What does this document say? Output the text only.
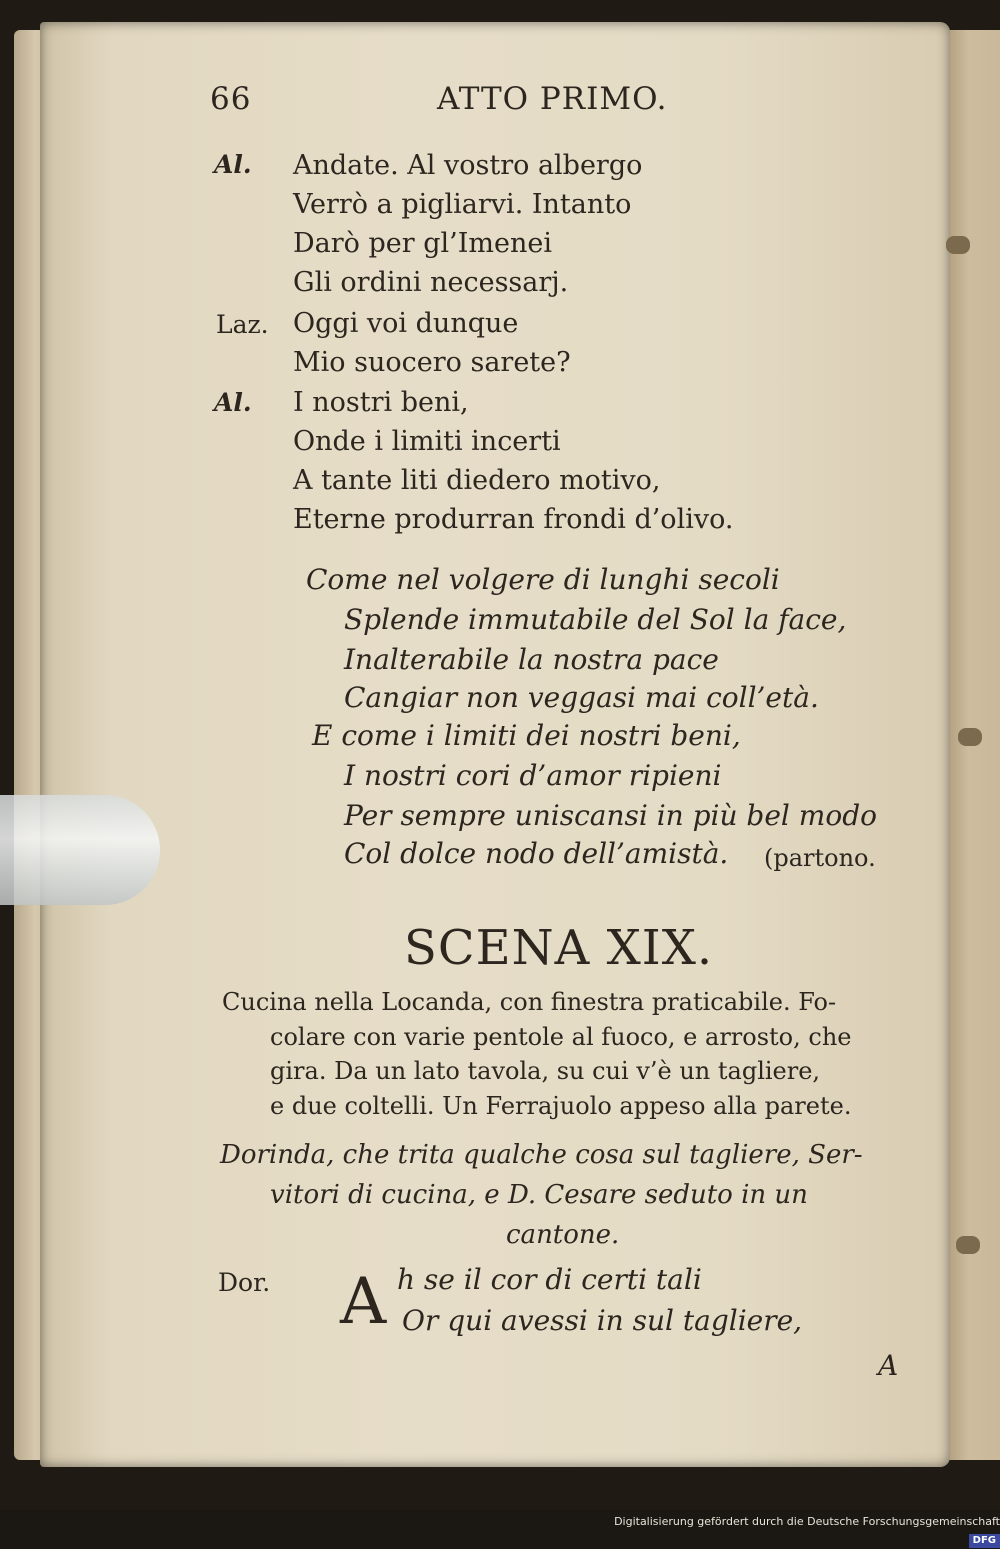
66	ATTO PRIMO.
Al. Andate. Al vostro albergo
Verrò a pigliarvi. Intanto
Darò per gl’Imenei
Gli ordini necessarj.
Laz. Oggi voi dunque
Mio suocero sarete?
Al. I nostri beni,
Onde i limiti incerti
A tante liti diedero motivo,
Eterne produrran frondi d’olivo.
Come nel volgere di lunghi secoli
Splende immutabile del Sol la face,
Inalterabile la nostra pace
Cangiar non veggasi mai coll’età.
E come i limiti dei nostri beni,
I nostri cori d’amor ripieni
Per sempre uniscansi in più bel modo
Col dolce nodo dell’amistà. (partono.
SCENA XIX.
Cucina nella Locanda, con finestra praticabile. Fo-
colare con varie pentole al fuoco, e arrosto, che
gira. Da un lato tavola, su cui v’è un tagliere,
e due coltelli. Un Ferrajuolo appeso alla parete.
Dorinda, che trita qualche cosa sul tagliere, Ser-
vitori di cucina, e D. Cesare seduto in un
cantone.
Dor. A h se il cor di certi tali
Or qui avessi in sul tagliere,
A
Digitalisierung gefördert durch die Deutsche Forschungsgemeinschaft DFG
